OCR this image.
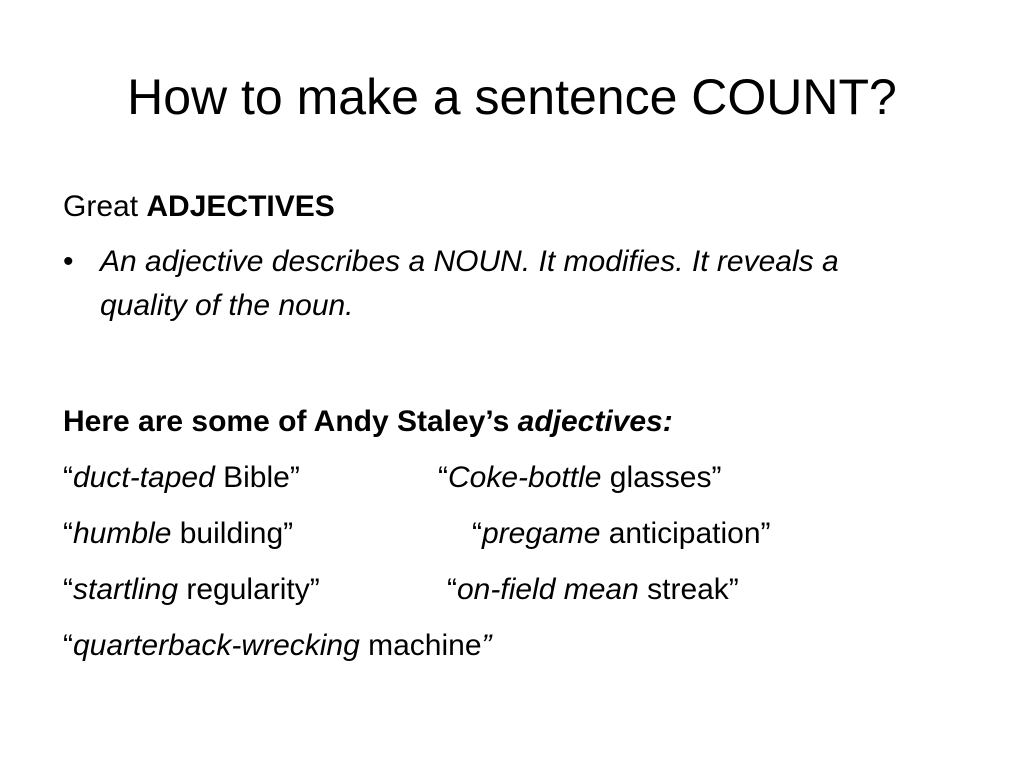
How to make a sentence COUNT?
Great ADJECTIVES
• An adjective describes a NOUN. It modifies. It reveals a quality of the noun.
Here are some of Andy Staley’s adjectives:
“duct-taped Bible”	“Coke-bottle glasses”
“humble building”	“pregame anticipation”
“startling regularity”	“on-field mean streak”
“quarterback-wrecking machine”
